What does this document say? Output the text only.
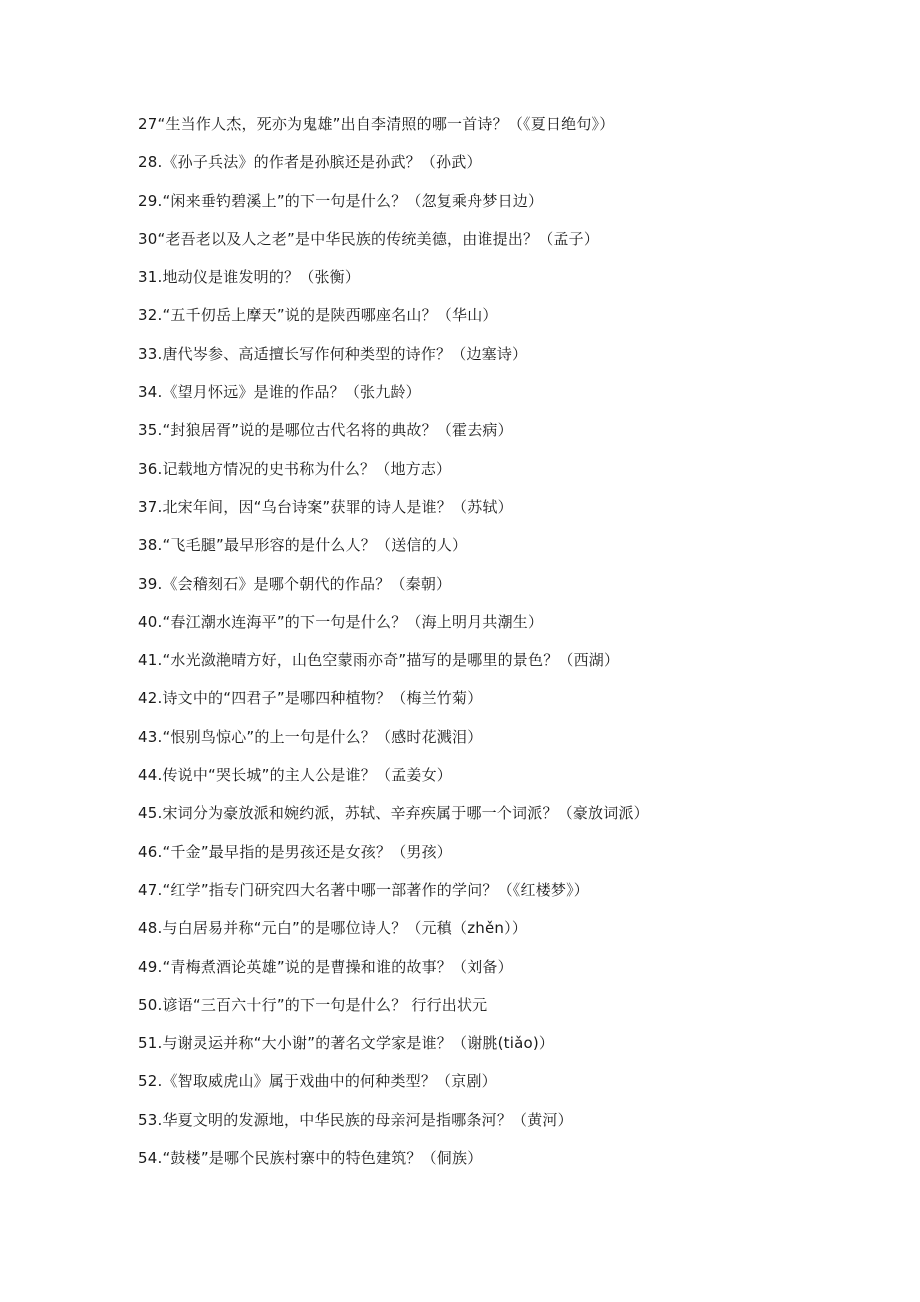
27“生当作人杰，死亦为鬼雄”出自李清照的哪一首诗？（《夏日绝句》）
28.《孙子兵法》的作者是孙膑还是孙武？（孙武）
29.“闲来垂钓碧溪上”的下一句是什么？（忽复乘舟梦日边）
30“老吾老以及人之老”是中华民族的传统美德，由谁提出？（孟子）
31.地动仪是谁发明的？（张衡）
32.“五千仞岳上摩天”说的是陕西哪座名山？（华山）
33.唐代岑参、高适擅长写作何种类型的诗作？（边塞诗）
34.《望月怀远》是谁的作品？（张九龄）
35.“封狼居胥”说的是哪位古代名将的典故？（霍去病）
36.记载地方情况的史书称为什么？（地方志）
37.北宋年间，因“乌台诗案”获罪的诗人是谁？（苏轼）
38.“飞毛腿”最早形容的是什么人？（送信的人）
39.《会稽刻石》是哪个朝代的作品？（秦朝）
40.“春江潮水连海平”的下一句是什么？（海上明月共潮生）
41.“水光潋滟晴方好，山色空蒙雨亦奇”描写的是哪里的景色？（西湖）
42.诗文中的“四君子”是哪四种植物？（梅兰竹菊）
43.“恨别鸟惊心”的上一句是什么？（感时花溅泪）
44.传说中“哭长城”的主人公是谁？（孟姜女）
45.宋词分为豪放派和婉约派，苏轼、辛弃疾属于哪一个词派？（豪放词派）
46.“千金”最早指的是男孩还是女孩？（男孩）
47.“红学”指专门研究四大名著中哪一部著作的学问？（《红楼梦》）
48.与白居易并称“元白”的是哪位诗人？（元稹（zhěn））
49.“青梅煮酒论英雄”说的是曹操和谁的故事？（刘备）
50.谚语“三百六十行”的下一句是什么？ 行行出状元
51.与谢灵运并称“大小谢”的著名文学家是谁？（谢朓(tiǎo)）
52.《智取威虎山》属于戏曲中的何种类型？（京剧）
53.华夏文明的发源地，中华民族的母亲河是指哪条河？（黄河）
54.“鼓楼”是哪个民族村寨中的特色建筑？（侗族）
